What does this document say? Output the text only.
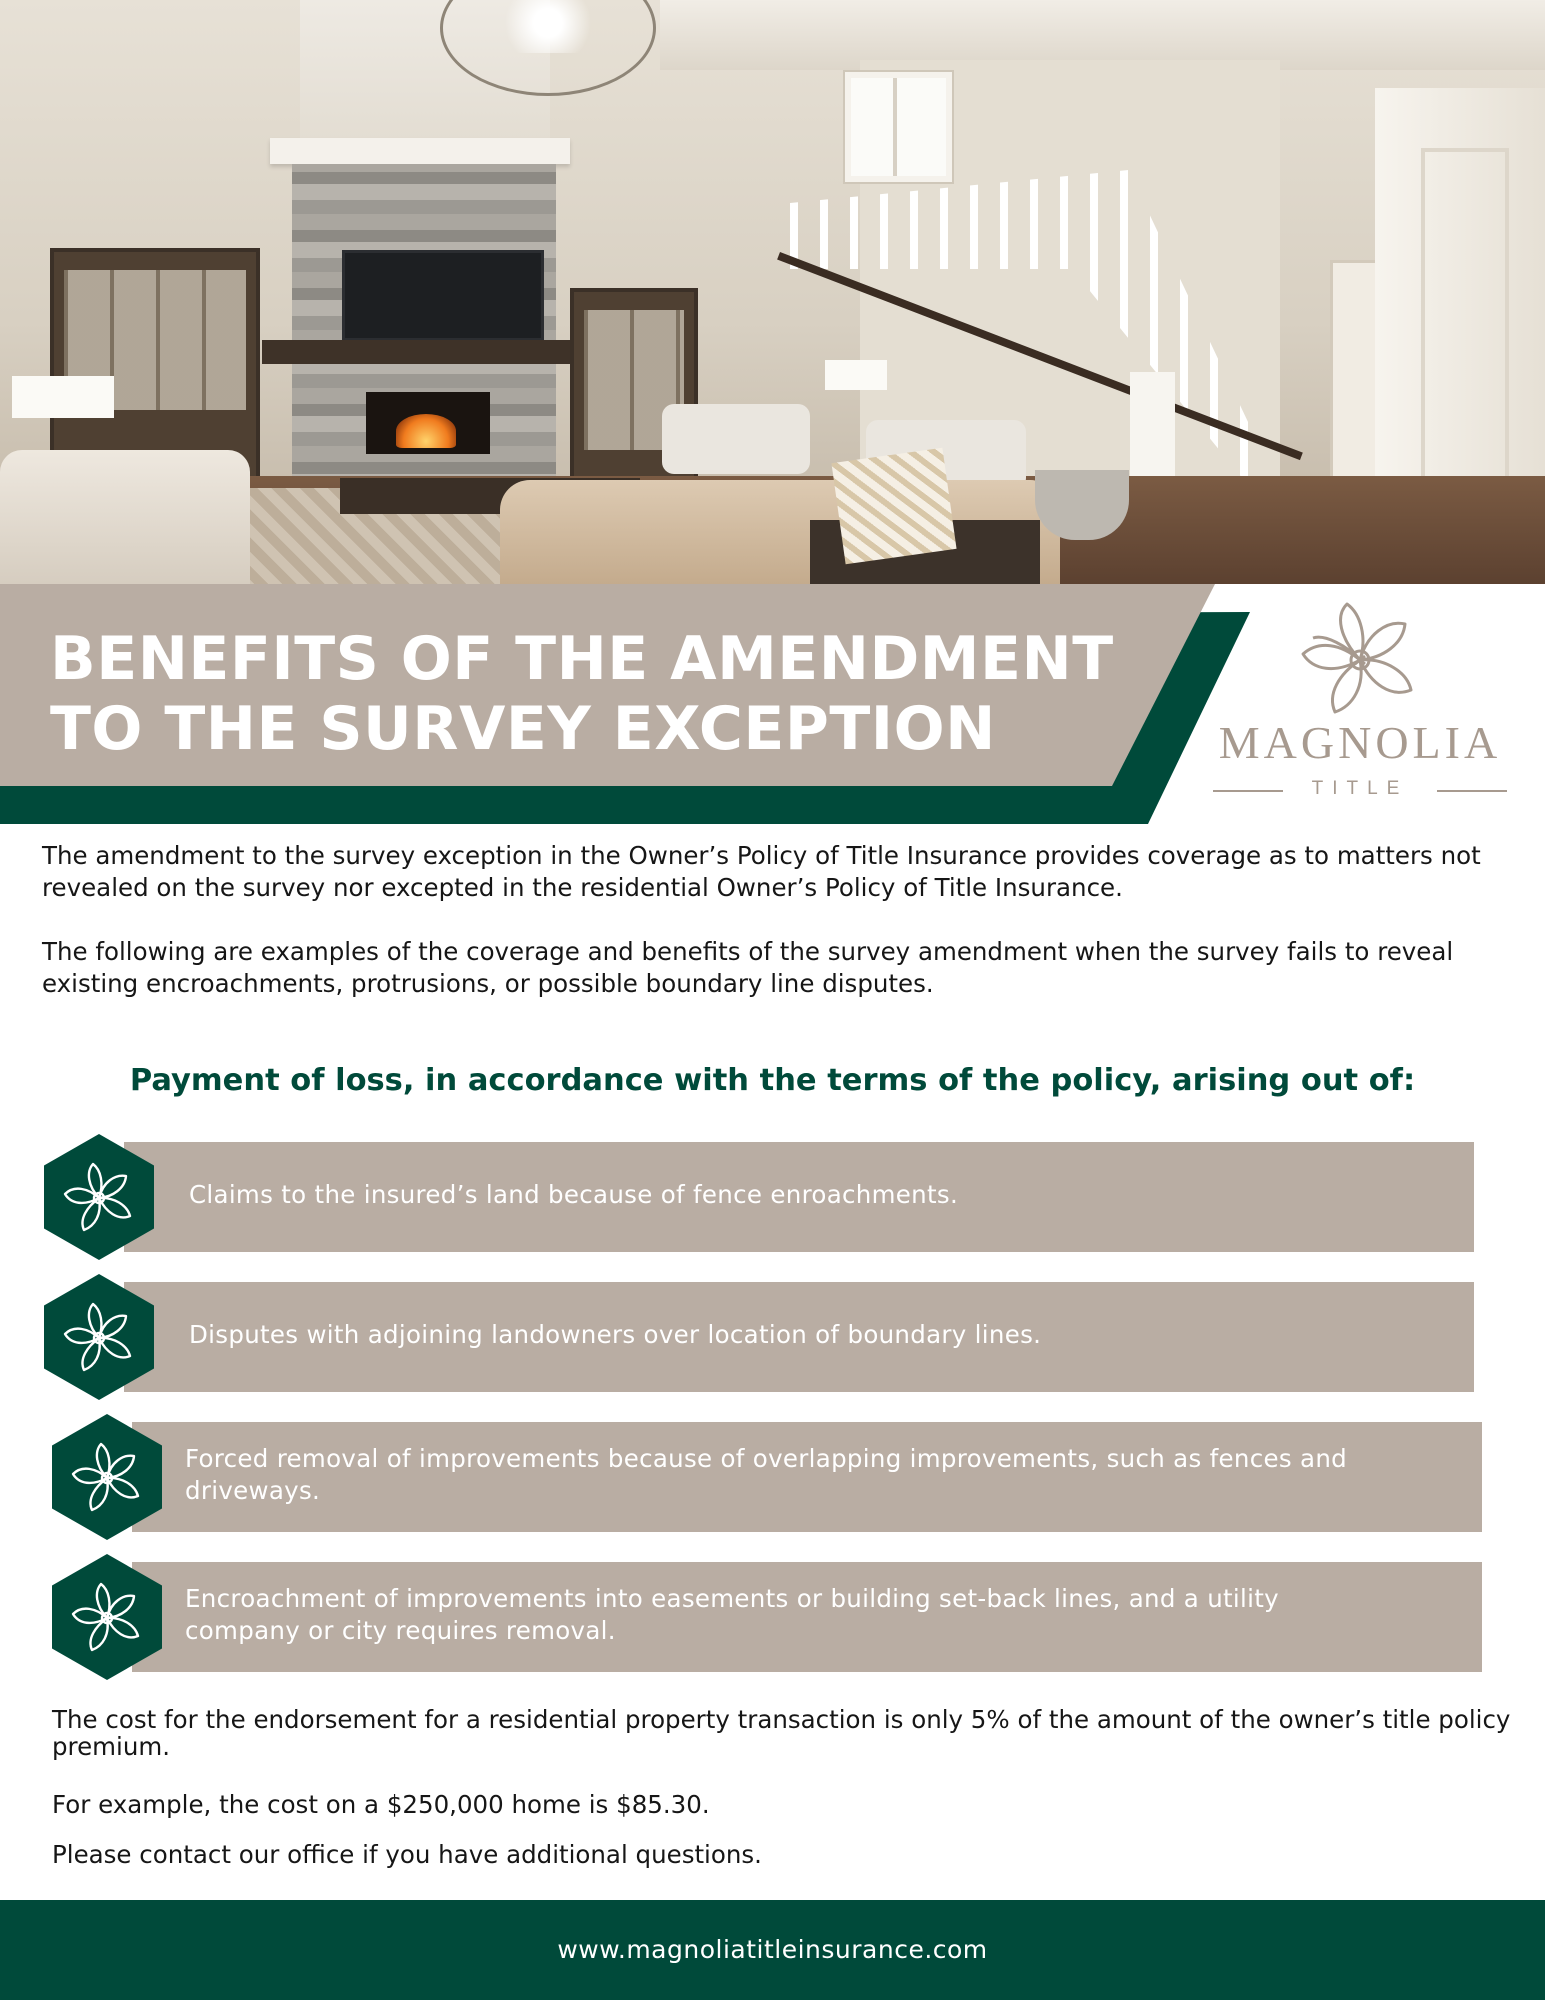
BENEFITS OF THE AMENDMENT
TO THE SURVEY EXCEPTION	MAGNOLIA
TITLE

The amendment to the survey exception in the Owner’s Policy of Title Insurance provides coverage as to matters not revealed on the survey nor excepted in the residential Owner’s Policy of Title Insurance.

The following are examples of the coverage and benefits of the survey amendment when the survey fails to reveal existing encroachments, protrusions, or possible boundary line disputes.

Payment of loss, in accordance with the terms of the policy, arising out of:
Claims to the insured’s land because of fence enroachments.
Disputes with adjoining landowners over location of boundary lines.
Forced removal of improvements because of overlapping improvements, such as fences and driveways.
Encroachment of improvements into easements or building set-back lines, and a utility company or city requires removal.

The cost for the endorsement for a residential property transaction is only 5% of the amount of the owner’s title policy premium.

For example, the cost on a $250,000 home is $85.30.

Please contact our office if you have additional questions.

www.magnoliatitleinsurance.com
